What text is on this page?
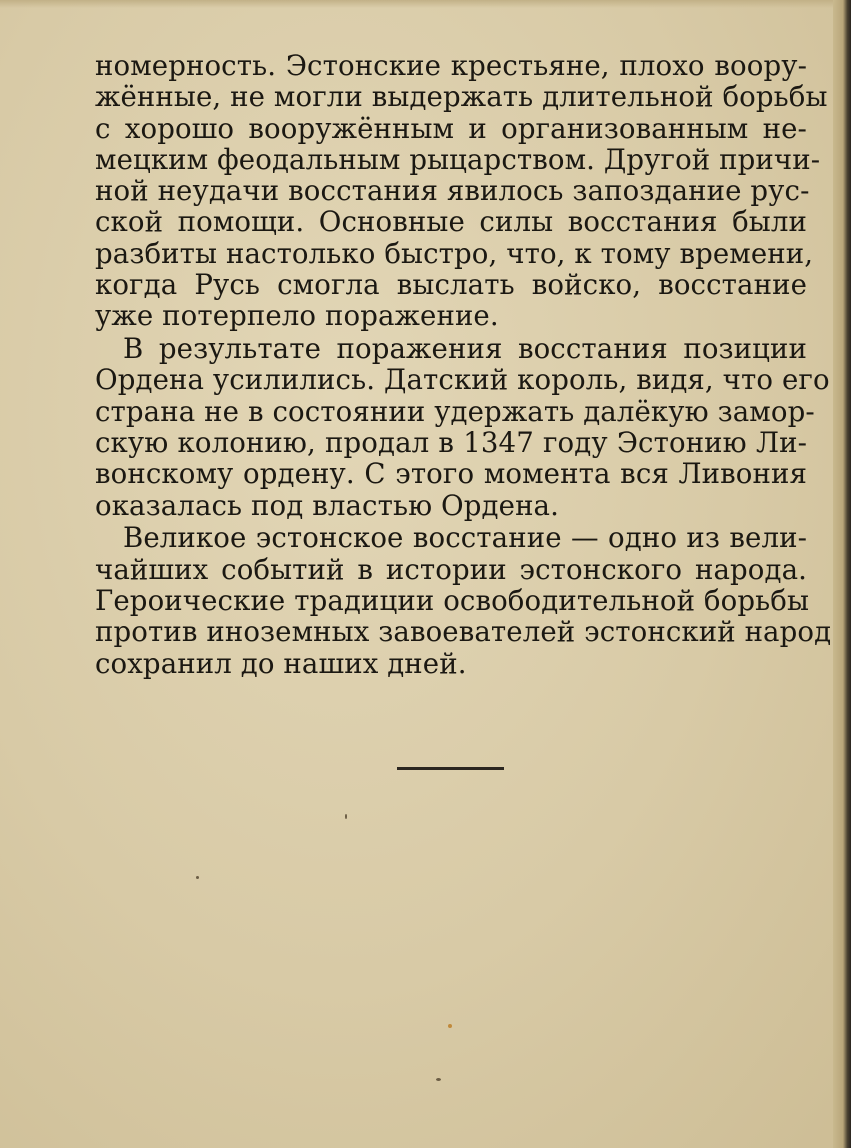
номерность. Эстонские крестьяне, плохо воору-
жённые, не могли выдержать длительной борьбы
с хорошо вооружённым и организованным не-
мецким феодальным рыцарством. Другой причи-
ной неудачи восстания явилось запоздание рус-
ской помощи. Основные силы восстания были
разбиты настолько быстро, что, к тому времени,
когда Русь смогла выслать войско, восстание
уже потерпело поражение.

В результате поражения восстания позиции
Ордена усилились. Датский король, видя, что его
страна не в состоянии удержать далёкую замор-
скую колонию, продал в 1347 году Эстонию Ли-
вонскому ордену. С этого момента вся Ливония
оказалась под властью Ордена.

Великое эстонское восстание — одно из вели-
чайших событий в истории эстонского народа.
Героические традиции освободительной борьбы
против иноземных завоевателей эстонский народ
сохранил до наших дней.
